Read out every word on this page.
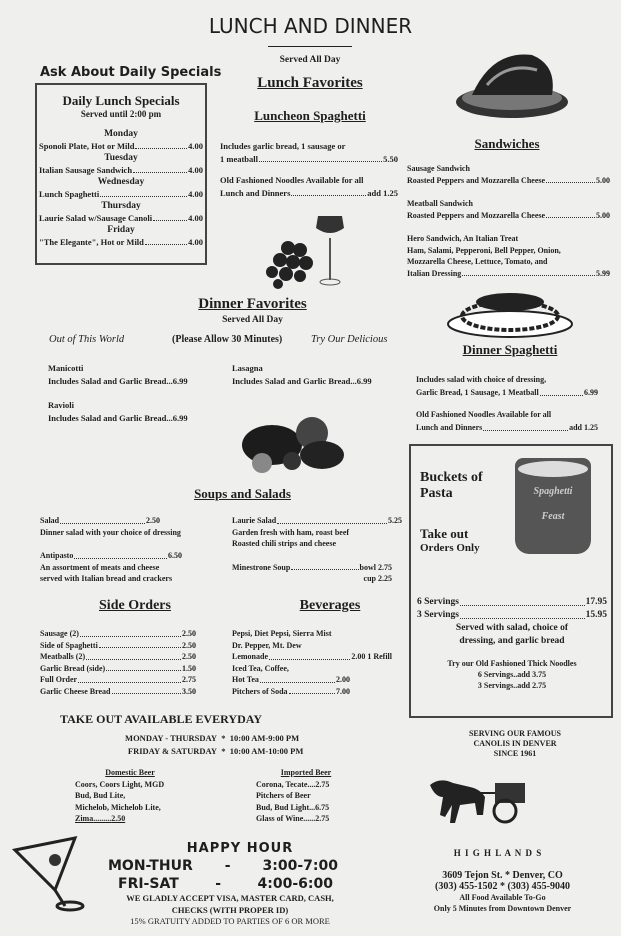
LUNCH AND DINNER
Served All Day
Ask About Daily Specials
Daily Lunch Specials
Served until 2:00 pm
Monday
Sponoli Plate, Hot or Mild	4.00
Tuesday
Italian Sausage Sandwich	4.00
Wednesday
Lunch Spaghetti	4.00
Thursday
Laurie Salad w/Sausage Canoli	4.00
Friday
"The Elegante", Hot or Mild	4.00
Lunch Favorites
Luncheon Spaghetti
Includes garlic bread, 1 sausage or
1 meatball	5.50
Old Fashioned Noodles Available for all
Lunch and Dinners	add 1.25
Sandwiches
Sausage Sandwich
Roasted Peppers and Mozzarella Cheese	5.00
Meatball Sandwich
Roasted Peppers and Mozzarella Cheese	5.00
Hero Sandwich, An Italian Treat
Ham, Salami, Pepperoni, Bell Pepper, Onion,
Mozzarella Cheese, Lettuce, Tomato, and
Italian Dressing	5.99
Dinner Spaghetti
Includes salad with choice of dressing,
Garlic Bread, 1 Sausage, 1 Meatball	6.99
Old Fashioned Noodles Available for all
Lunch and Dinners	add 1.25
Dinner Favorites
Served All Day
Out of This World	(Please Allow 30 Minutes)	Try Our Delicious
Manicotti
Includes Salad and Garlic Bread...6.99
Lasagna
Includes Salad and Garlic Bread...6.99
Ravioli
Includes Salad and Garlic Bread...6.99
Buckets of
Pasta
Take out
Orders Only
Spaghetti
Feast
6 Servings	17.95
3 Servings	15.95
Served with salad, choice of
dressing, and garlic bread
Try our Old Fashioned Thick Noodles
6 Servings..add 3.75
3 Servings..add 2.75
Soups and Salads
Salad	2.50
Dinner salad with your choice of dressing
Antipasto	6.50
An assortment of meats and cheese
served with Italian bread and crackers
Laurie Salad	5.25
Garden fresh with ham, roast beef
Roasted chili strips and cheese
Minestrone Soup	bowl 2.75
cup 2.25
Side Orders
Sausage (2)	2.50
Side of Spaghetti	2.50
Meatballs (2)	2.50
Garlic Bread (side)	1.50
Full Order	2.75
Garlic Cheese Bread	3.50
Beverages
Pepsi, Diet Pepsi, Sierra Mist
Dr. Pepper, Mt. Dew
Lemonade	2.00 1 Refill
Iced Tea, Coffee,
Hot Tea	2.00
Pitchers of Soda	7.00
TAKE OUT AVAILABLE EVERYDAY
MONDAY - THURSDAY  *  10:00 AM-9:00 PM
FRIDAY & SATURDAY  *  10:00 AM-10:00 PM
Domestic Beer
Coors, Coors Light, MGD
Bud, Bud Lite,
Michelob, Michelob Lite,
Zima.........2.50
Imported Beer
Corona, Tecate....2.75
Pitchers of Beer
Bud, Bud Light...6.75
Glass of Wine......2.75
HAPPY HOUR
MON-THUR - 3:00-7:00
FRI-SAT	-	4:00-6:00
WE GLADLY ACCEPT VISA, MASTER CARD, CASH,
CHECKS (WITH PROPER ID)
15% GRATUITY ADDED TO PARTIES OF 6 OR MORE
SERVING OUR FAMOUS
CANOLIS IN DENVER
SINCE 1961
H I G H L A N D S
3609 Tejon St. * Denver, CO
(303) 455-1502 * (303) 455-9040
All Food Available To-Go
Only 5 Minutes from Downtown Denver
